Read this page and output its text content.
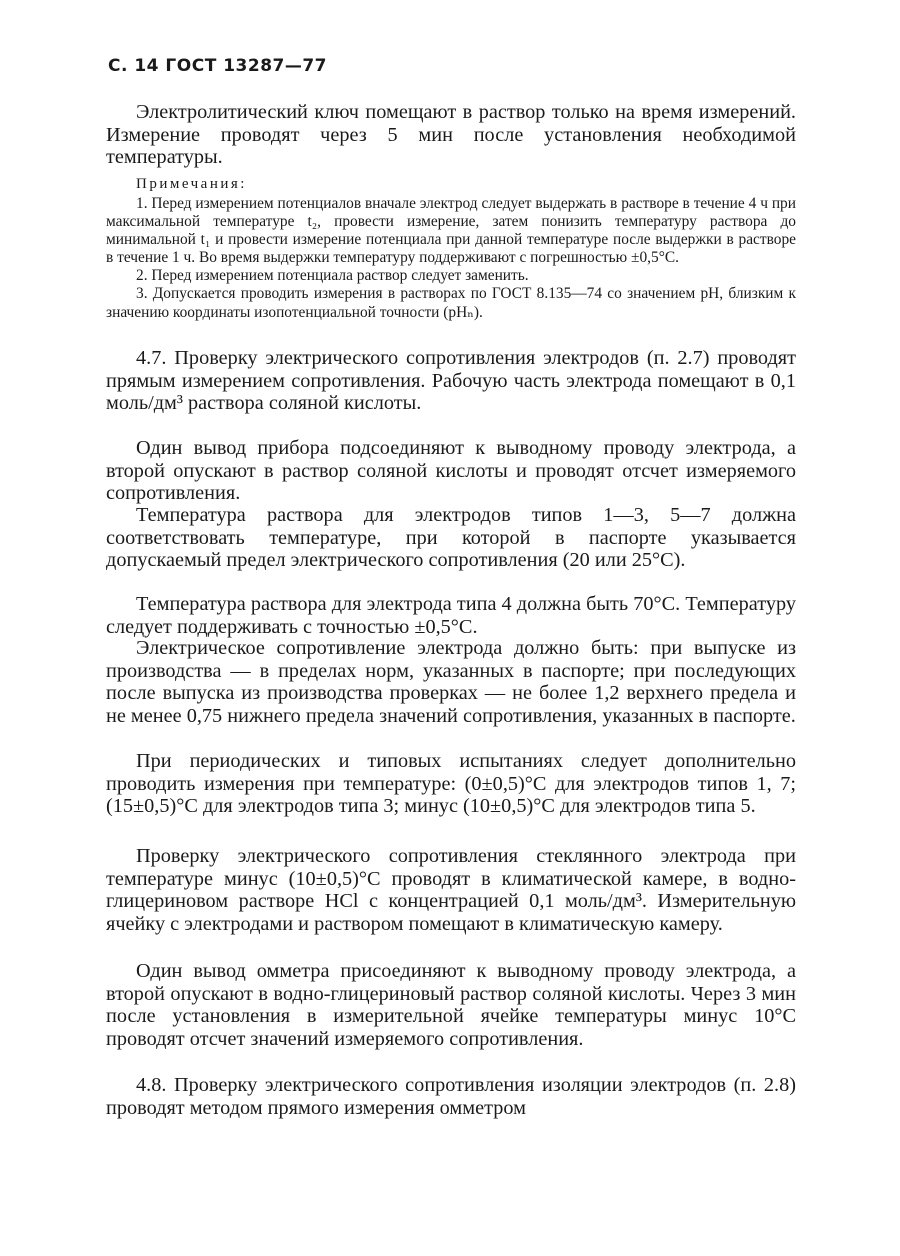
С. 14 ГОСТ 13287—77

Электролитический ключ помещают в раствор только на время измерений. Измерение проводят через 5 мин после установления необходимой температуры.

Примечания:

1. Перед измерением потенциалов вначале электрод следует выдержать в растворе в течение 4 ч при максимальной температуре t₂, провести измерение, затем понизить температуру раствора до минимальной t₁ и провести измерение потенциала при данной температуре после выдержки в растворе в течение 1 ч. Во время выдержки температуру поддерживают с погрешностью ±0,5°С.

2. Перед измерением потенциала раствор следует заменить.

3. Допускается проводить измерения в растворах по ГОСТ 8.135—74 со значением pH, близким к значению координаты изопотенциальной точности (pHₙ).

4.7. Проверку электрического сопротивления электродов (п. 2.7) проводят прямым измерением сопротивления. Рабочую часть электрода помещают в 0,1 моль/дм³ раствора соляной кислоты.

Один вывод прибора подсоединяют к выводному проводу электрода, а второй опускают в раствор соляной кислоты и проводят отсчет измеряемого сопротивления.

Температура раствора для электродов типов 1—3, 5—7 должна соответствовать температуре, при которой в паспорте указывается допускаемый предел электрического сопротивления (20 или 25°С).

Температура раствора для электрода типа 4 должна быть 70°С. Температуру следует поддерживать с точностью ±0,5°С.

Электрическое сопротивление электрода должно быть: при выпуске из производства — в пределах норм, указанных в паспорте; при последующих после выпуска из производства проверках — не более 1,2 верхнего предела и не менее 0,75 нижнего предела значений сопротивления, указанных в паспорте.

При периодических и типовых испытаниях следует дополнительно проводить измерения при температуре: (0±0,5)°С для электродов типов 1, 7; (15±0,5)°С для электродов типа 3; минус (10±0,5)°С для электродов типа 5.

Проверку электрического сопротивления стеклянного электрода при температуре минус (10±0,5)°С проводят в климатической камере, в водно-глицериновом растворе HCl с концентрацией 0,1 моль/дм³. Измерительную ячейку с электродами и раствором помещают в климатическую камеру.

Один вывод омметра присоединяют к выводному проводу электрода, а второй опускают в водно-глицериновый раствор соляной кислоты. Через 3 мин после установления в измерительной ячейке температуры минус 10°С проводят отсчет значений измеряемого сопротивления.

4.8. Проверку электрического сопротивления изоляции электродов (п. 2.8) проводят методом прямого измерения омметром
